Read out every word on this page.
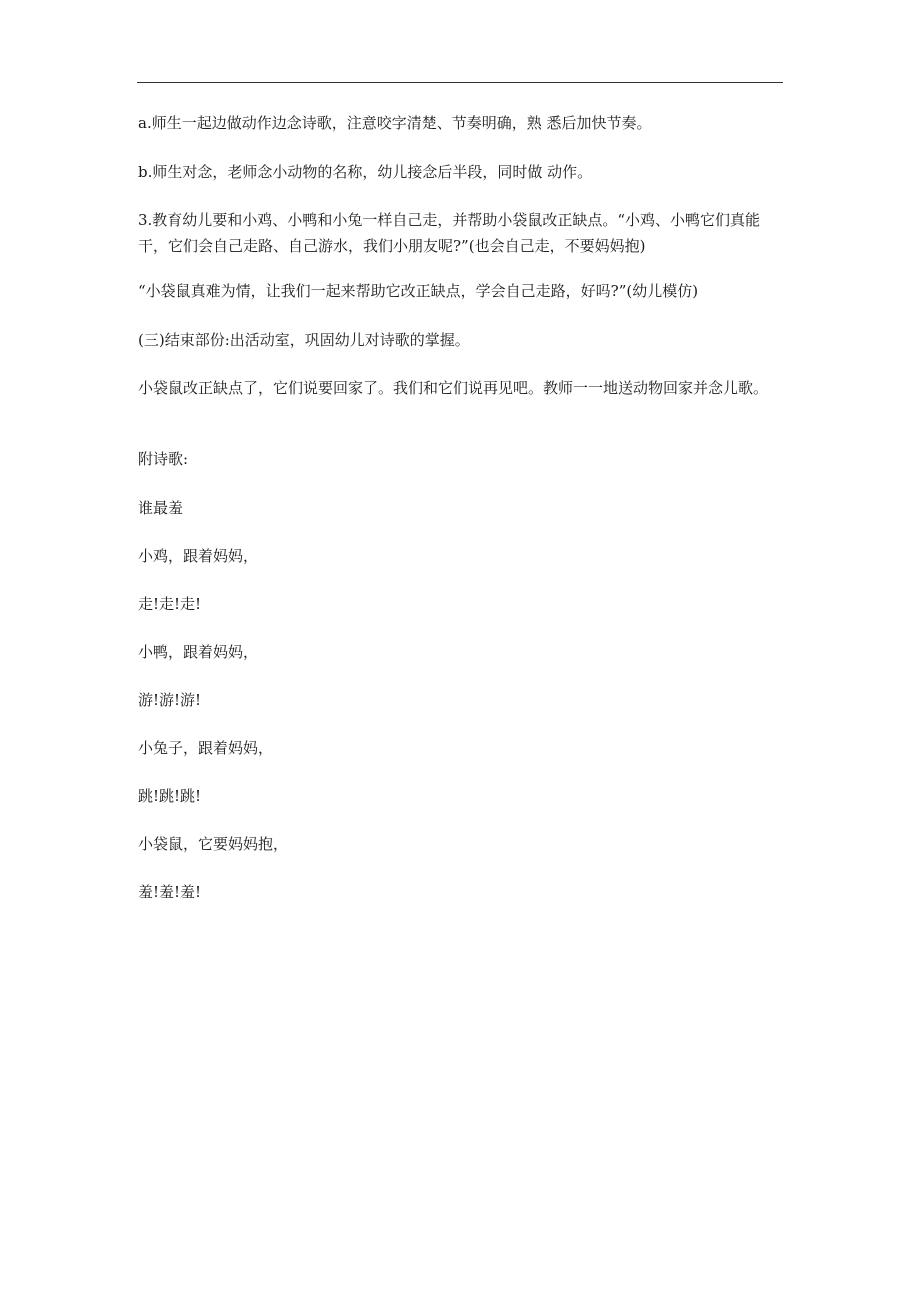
a.师生一起边做动作边念诗歌，注意咬字清楚、节奏明确，熟 悉后加快节奏。

b.师生对念，老师念小动物的名称，幼儿接念后半段，同时做 动作。

3.教育幼儿要和小鸡、小鸭和小兔一样自己走，并帮助小袋鼠改正缺点。“小鸡、小鸭它们真能干，它们会自己走路、自己游水，我们小朋友呢?”(也会自己走，不要妈妈抱)

“小袋鼠真难为情，让我们一起来帮助它改正缺点，学会自己走路，好吗?”(幼儿模仿)

(三)结束部份:出活动室，巩固幼儿对诗歌的掌握。

小袋鼠改正缺点了，它们说要回家了。我们和它们说再见吧。教师一一地送动物回家并念儿歌。

附诗歌:

谁最羞

小鸡，跟着妈妈，

走!走!走!

小鸭，跟着妈妈，

游!游!游!

小兔子，跟着妈妈，

跳!跳!跳!

小袋鼠，它要妈妈抱，

羞!羞!羞!
